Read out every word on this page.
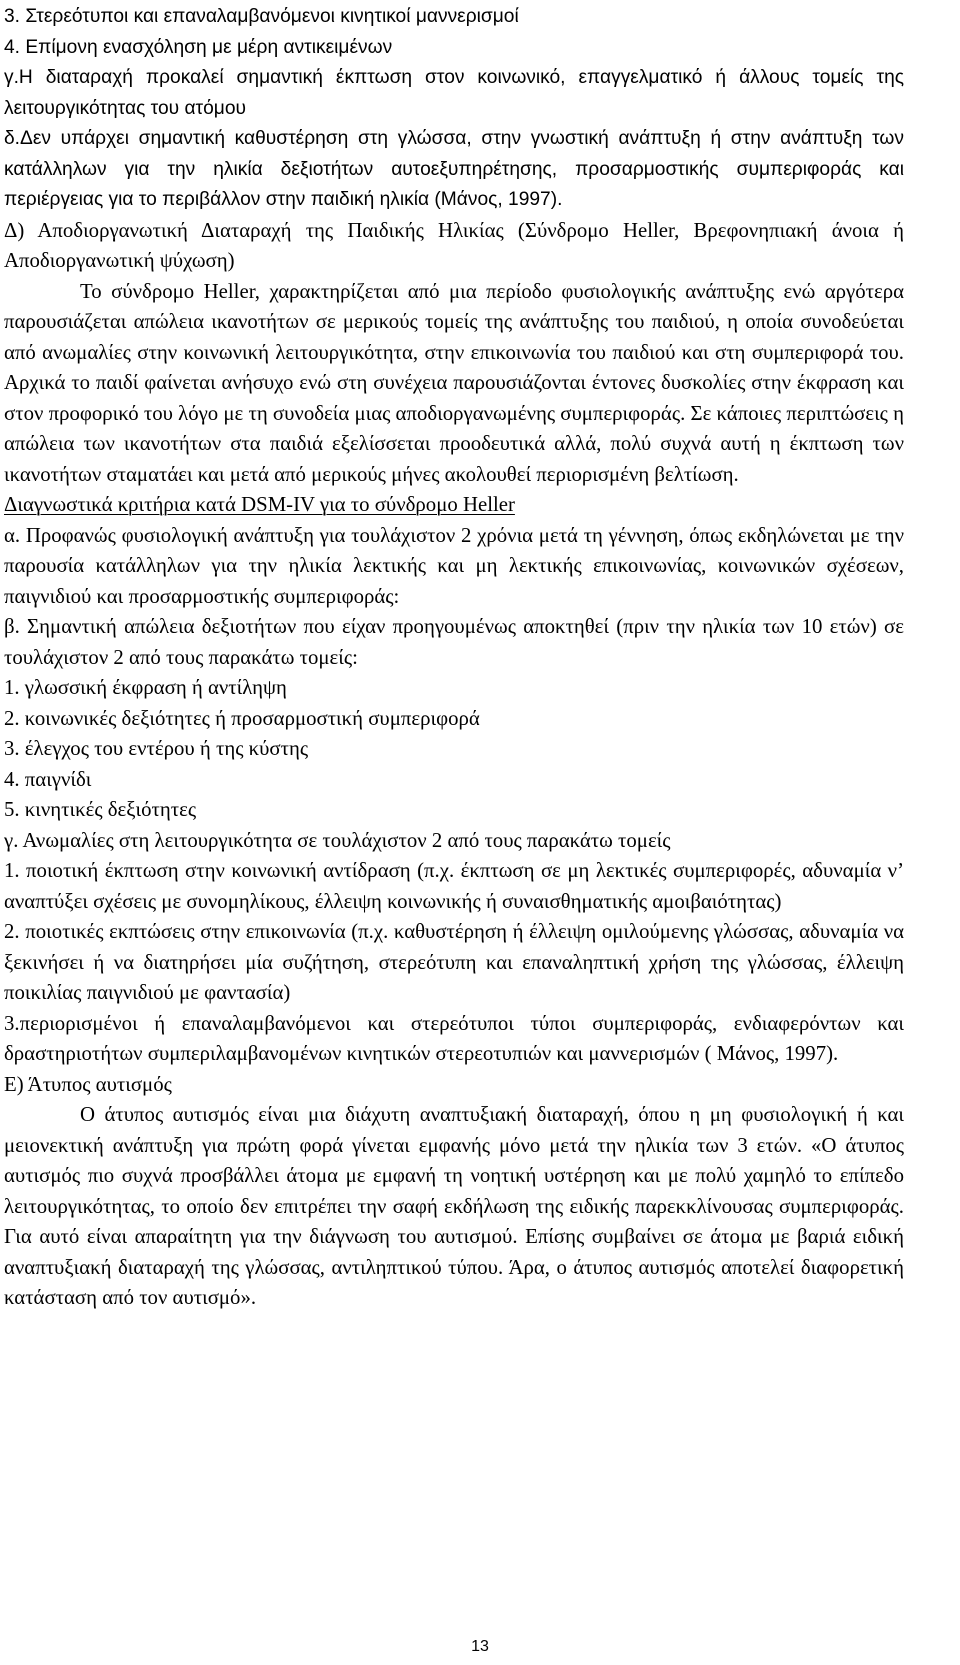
3. Στερεότυποι και επαναλαμβανόμενοι κινητικοί μαννερισμοί

4. Επίμονη ενασχόληση με μέρη αντικειμένων

γ.Η διαταραχή προκαλεί σημαντική έκπτωση στον κοινωνικό, επαγγελματικό ή άλλους τομείς της λειτουργικότητας του ατόμου

δ.Δεν υπάρχει σημαντική καθυστέρηση στη γλώσσα, στην γνωστική ανάπτυξη ή στην ανάπτυξη των κατάλληλων για την ηλικία δεξιοτήτων αυτοεξυπηρέτησης, προσαρμοστικής συμπεριφοράς και περιέργειας για το περιβάλλον στην παιδική ηλικία (Μάνος, 1997).

Δ) Αποδιοργανωτική Διαταραχή της Παιδικής Ηλικίας (Σύνδρομο Heller, Βρεφονηπιακή άνοια ή Αποδιοργανωτική ψύχωση)

Το σύνδρομο Heller, χαρακτηρίζεται από μια περίοδο φυσιολογικής ανάπτυξης ενώ αργότερα παρουσιάζεται απώλεια ικανοτήτων σε μερικούς τομείς της ανάπτυξης του παιδιού, η οποία συνοδεύεται από ανωμαλίες στην κοινωνική λειτουργικότητα, στην επικοινωνία του παιδιού και στη συμπεριφορά του. Αρχικά το παιδί φαίνεται ανήσυχο ενώ στη συνέχεια παρουσιάζονται έντονες δυσκολίες στην έκφραση και στον προφορικό του λόγο με τη συνοδεία μιας αποδιοργανωμένης συμπεριφοράς. Σε κάποιες περιπτώσεις η απώλεια των ικανοτήτων στα παιδιά εξελίσσεται προοδευτικά αλλά, πολύ συχνά αυτή η έκπτωση των ικανοτήτων σταματάει και μετά από μερικούς μήνες ακολουθεί περιορισμένη βελτίωση.

Διαγνωστικά κριτήρια κατά DSM-IV για το σύνδρομο Heller

α. Προφανώς φυσιολογική ανάπτυξη για τουλάχιστον 2 χρόνια μετά τη γέννηση, όπως εκδηλώνεται με την παρουσία κατάλληλων για την ηλικία λεκτικής και μη λεκτικής επικοινωνίας, κοινωνικών σχέσεων, παιγνιδιού και προσαρμοστικής συμπεριφοράς:

β. Σημαντική απώλεια δεξιοτήτων που είχαν προηγουμένως αποκτηθεί (πριν την ηλικία των 10 ετών) σε τουλάχιστον 2 από τους παρακάτω τομείς:

1. γλωσσική έκφραση ή αντίληψη

2. κοινωνικές δεξιότητες ή προσαρμοστική συμπεριφορά

3. έλεγχος του εντέρου ή της κύστης

4. παιγνίδι

5. κινητικές δεξιότητες

γ. Ανωμαλίες στη λειτουργικότητα σε τουλάχιστον 2 από τους παρακάτω τομείς

1. ποιοτική έκπτωση στην κοινωνική αντίδραση (π.χ. έκπτωση σε μη λεκτικές συμπεριφορές, αδυναμία ν’ αναπτύξει σχέσεις με συνομηλίκους, έλλειψη κοινωνικής ή συναισθηματικής αμοιβαιότητας)

2. ποιοτικές εκπτώσεις στην επικοινωνία (π.χ. καθυστέρηση ή έλλειψη ομιλούμενης γλώσσας, αδυναμία να ξεκινήσει ή να διατηρήσει μία συζήτηση, στερεότυπη και επαναληπτική χρήση της γλώσσας, έλλειψη ποικιλίας παιγνιδιού με φαντασία)

3.περιορισμένοι ή επαναλαμβανόμενοι και στερεότυποι τύποι συμπεριφοράς, ενδιαφερόντων και δραστηριοτήτων συμπεριλαμβανομένων κινητικών στερεοτυπιών και μαννερισμών ( Μάνος, 1997).

Ε) Άτυπος αυτισμός

Ο άτυπος αυτισμός είναι μια διάχυτη αναπτυξιακή διαταραχή, όπου η μη φυσιολογική ή και μειονεκτική ανάπτυξη για πρώτη φορά γίνεται εμφανής μόνο μετά την ηλικία των 3 ετών. «Ο άτυπος αυτισμός πιο συχνά προσβάλλει άτομα με εμφανή τη νοητική υστέρηση και με πολύ χαμηλό το επίπεδο λειτουργικότητας, το οποίο δεν επιτρέπει την σαφή εκδήλωση της ειδικής παρεκκλίνουσας συμπεριφοράς. Για αυτό είναι απαραίτητη για την διάγνωση του αυτισμού. Επίσης συμβαίνει σε άτομα με βαριά ειδική αναπτυξιακή διαταραχή της γλώσσας, αντιληπτικού τύπου. Άρα, ο άτυπος αυτισμός αποτελεί διαφορετική κατάσταση από τον αυτισμό».

13
